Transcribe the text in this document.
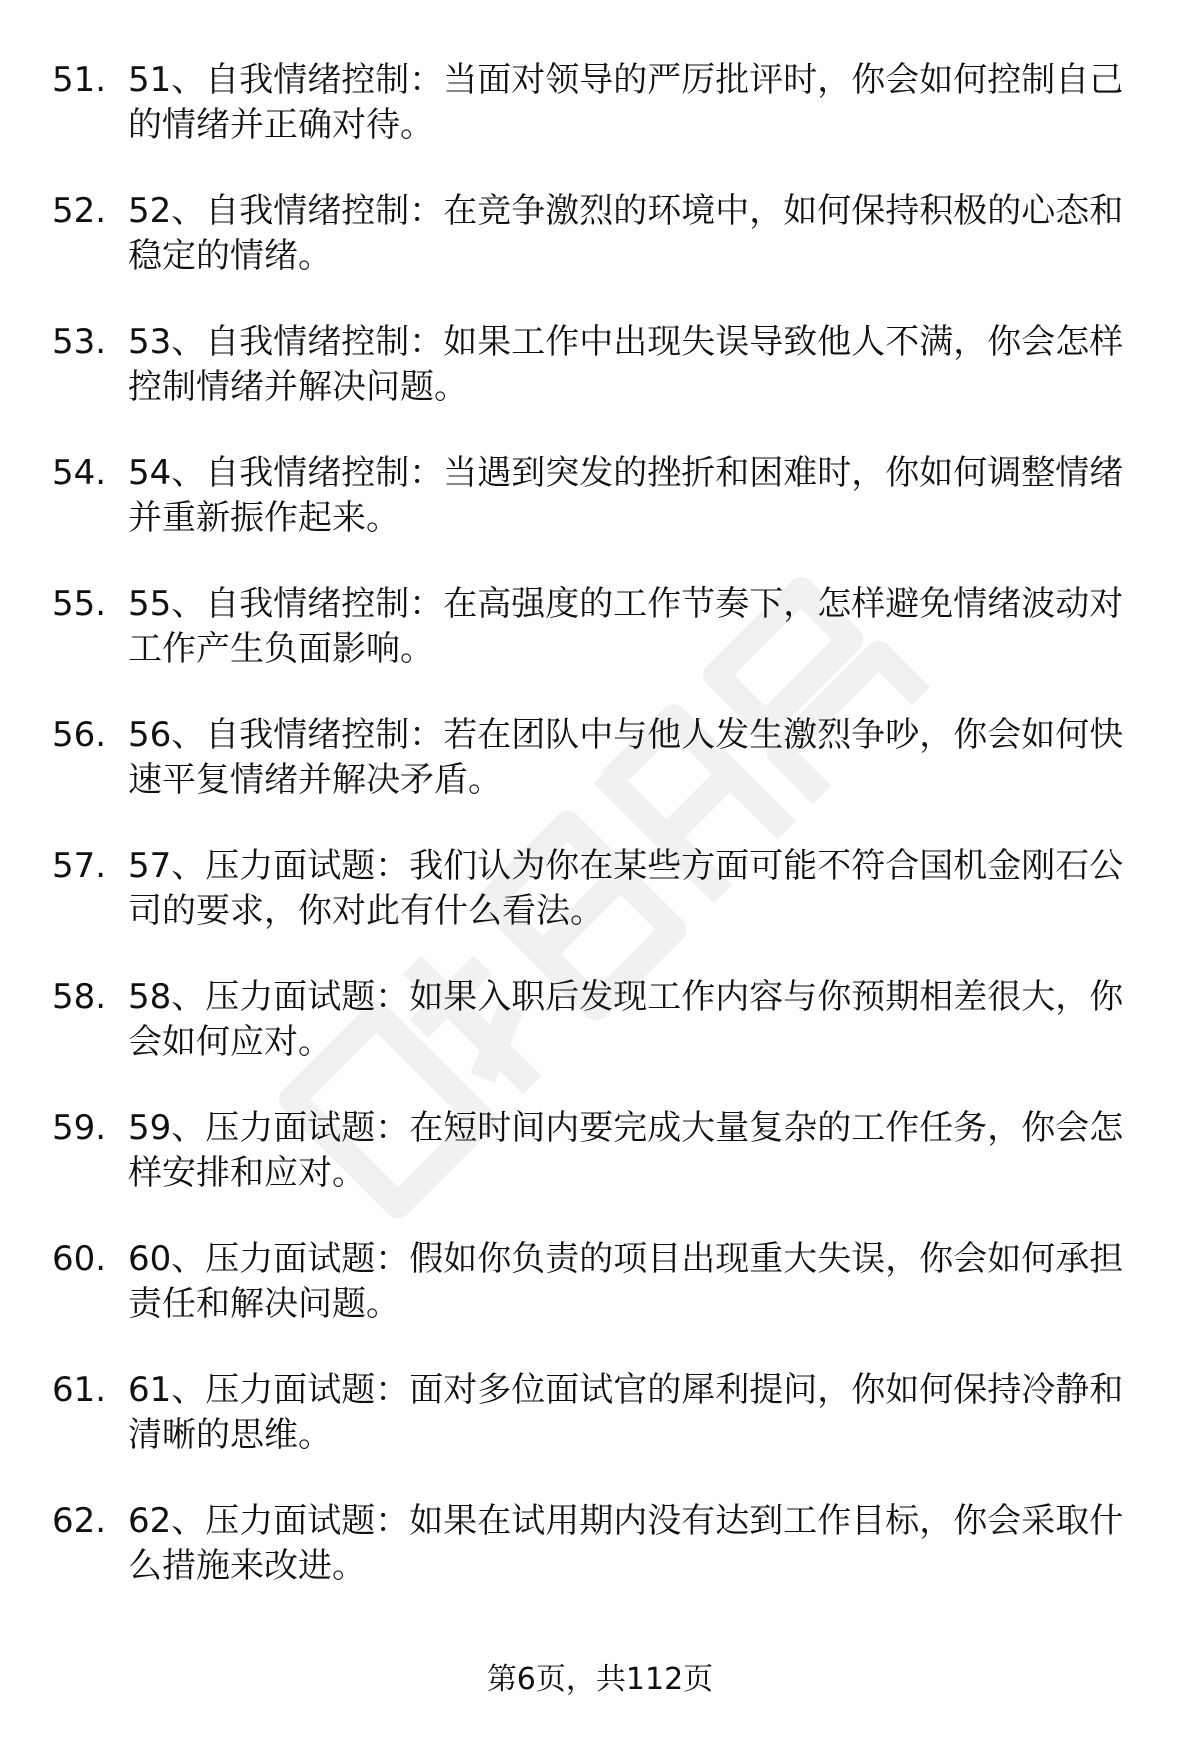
51. 51、自我情绪控制：当面对领导的严厉批评时，你会如何控制自己的情绪并正确对待。
52. 52、自我情绪控制：在竞争激烈的环境中，如何保持积极的心态和稳定的情绪。
53. 53、自我情绪控制：如果工作中出现失误导致他人不满，你会怎样控制情绪并解决问题。
54. 54、自我情绪控制：当遇到突发的挫折和困难时，你如何调整情绪并重新振作起来。
55. 55、自我情绪控制：在高强度的工作节奏下，怎样避免情绪波动对工作产生负面影响。
56. 56、自我情绪控制：若在团队中与他人发生激烈争吵，你会如何快速平复情绪并解决矛盾。
57. 57、压力面试题：我们认为你在某些方面可能不符合国机金刚石公司的要求，你对此有什么看法。
58. 58、压力面试题：如果入职后发现工作内容与你预期相差很大，你会如何应对。
59. 59、压力面试题：在短时间内要完成大量复杂的工作任务，你会怎样安排和应对。
60. 60、压力面试题：假如你负责的项目出现重大失误，你会如何承担责任和解决问题。
61. 61、压力面试题：面对多位面试官的犀利提问，你如何保持冷静和清晰的思维。
62. 62、压力面试题：如果在试用期内没有达到工作目标，你会采取什么措施来改进。
第6页，共112页
